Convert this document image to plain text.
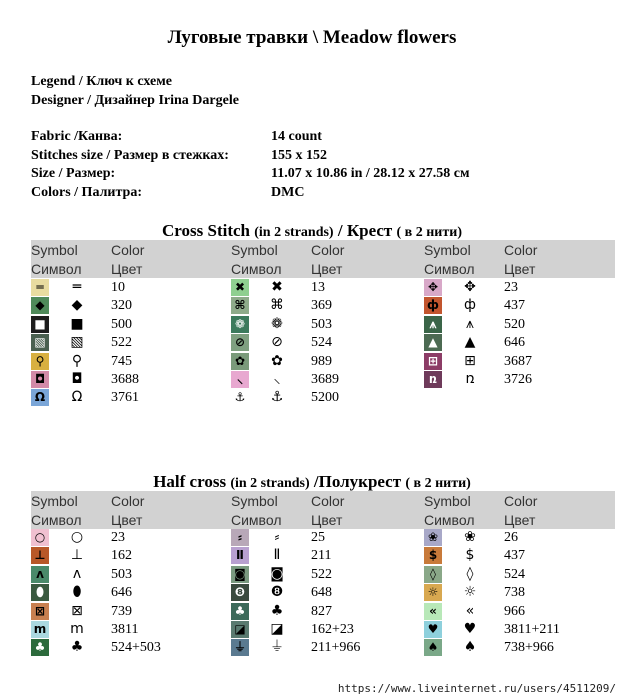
Луговые травки \ Meadow flowers
Legend / Ключ к схеме
Designer / Дизайнер Irina Dargele
Fabric /Канва:	14 count
Stitches size / Размер в стежках:	155 x 152
Size / Размер:	11.07 x 10.86 in / 28.12 x 27.58 см
Colors / Палитра:	DMC
Cross Stitch (in 2 strands) / Крест ( в 2 нити)
Symbol Color
Символ Цвет
═	═	10
◆	◆	320
■ ■ 500
▧ ▧ 522
⚲	⚲	745
◘	◘	3688
Ω	Ω	3761
Symbol Color
Символ Цвет
✖ ✖ 13
⌘ ⌘ 369
❁ ❁ 503
⊘ ⊘ 524
✿ ✿ 989
⸜	⸜	3689
⚓ ⚓ 5200
Symbol Color
Символ Цвет
✥ ✥ 23
ф ф 437
⩚	⩚	520
▲	▲	646
⊞ ⊞ 3687
ռ	ռ	3726
Half cross (in 2 strands) /Полукрест ( в 2 нити)
Symbol Color
Символ Цвет
○ ○ 23
⊥ ⊥ 162
ʌ	ʌ	503
⬮	⬮	646
⊠ ⊠ 739
m m 3811
♣ ♣ 524+503
Symbol Color
Символ Цвет
⸗	⸗	25
Ⅱ	Ⅱ	211
◙ ◙ 522
❽ ❽ 648
♣ ♣ 827
◪ ◪ 162+23
⏚ ⏚ 211+966
Symbol Color
Символ Цвет
❀ ❀ 26
$	$	437
◊	◊	524
☼ ☼ 738
«	«	966
♥ ♥ 3811+211
♠ ♠ 738+966
https://www.liveinternet.ru/users/4511209/
